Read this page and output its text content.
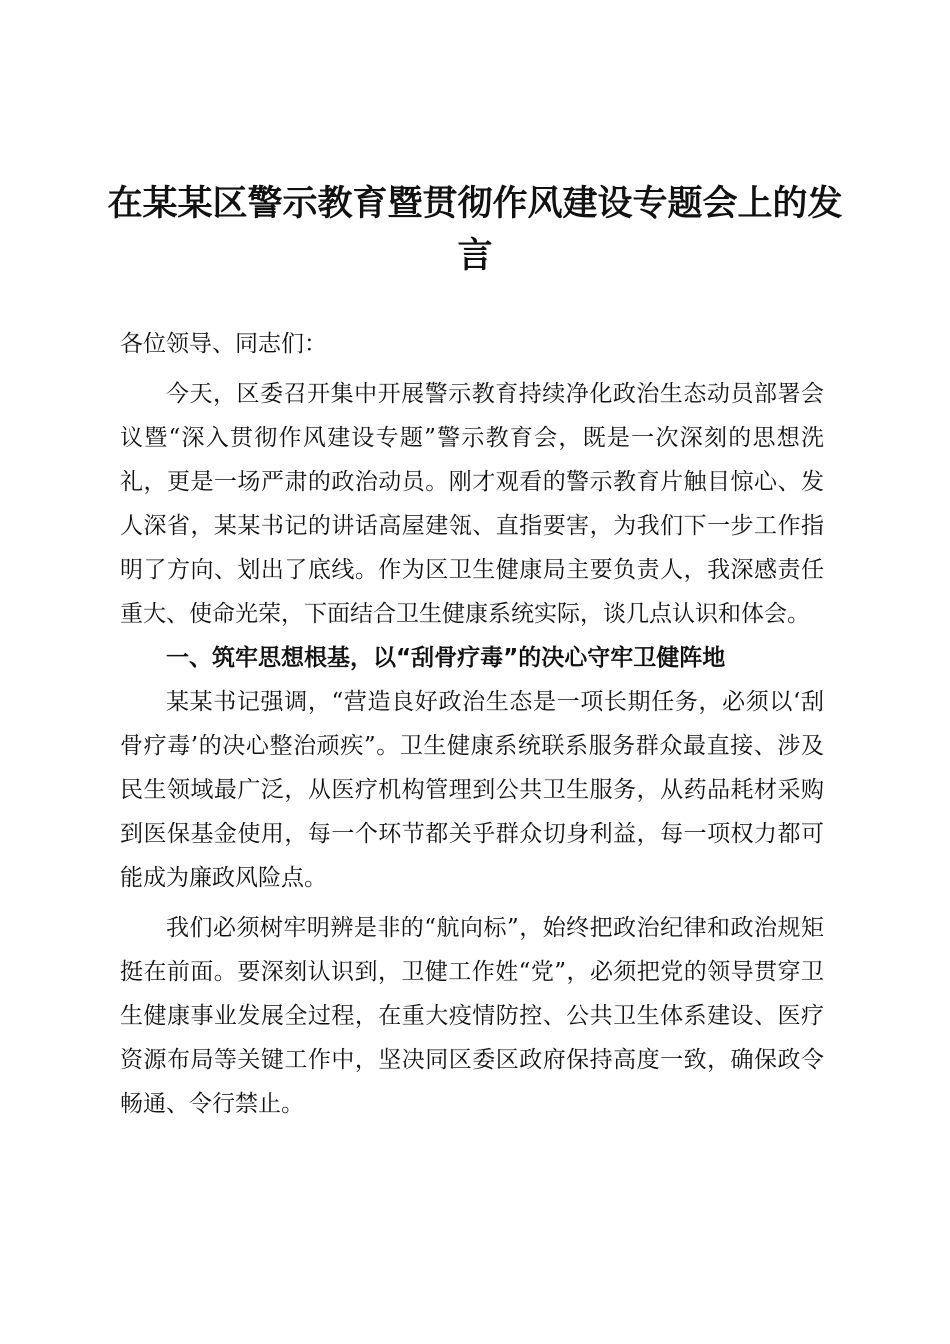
在某某区警示教育暨贯彻作风建设专题会上的发言

各位领导、同志们：

今天，区委召开集中开展警示教育持续净化政治生态动员部署会议暨“深入贯彻作风建设专题”警示教育会，既是一次深刻的思想洗礼，更是一场严肃的政治动员。刚才观看的警示教育片触目惊心、发人深省，某某书记的讲话高屋建瓴、直指要害，为我们下一步工作指明了方向、划出了底线。作为区卫生健康局主要负责人，我深感责任重大、使命光荣，下面结合卫生健康系统实际，谈几点认识和体会。

一、筑牢思想根基，以“刮骨疗毒”的决心守牢卫健阵地

某某书记强调，“营造良好政治生态是一项长期任务，必须以‘刮骨疗毒’的决心整治顽疾”。卫生健康系统联系服务群众最直接、涉及民生领域最广泛，从医疗机构管理到公共卫生服务，从药品耗材采购到医保基金使用，每一个环节都关乎群众切身利益，每一项权力都可能成为廉政风险点。

我们必须树牢明辨是非的“航向标”，始终把政治纪律和政治规矩挺在前面。要深刻认识到，卫健工作姓“党”，必须把党的领导贯穿卫生健康事业发展全过程，在重大疫情防控、公共卫生体系建设、医疗资源布局等关键工作中，坚决同区委区政府保持高度一致，确保政令畅通、令行禁止。
